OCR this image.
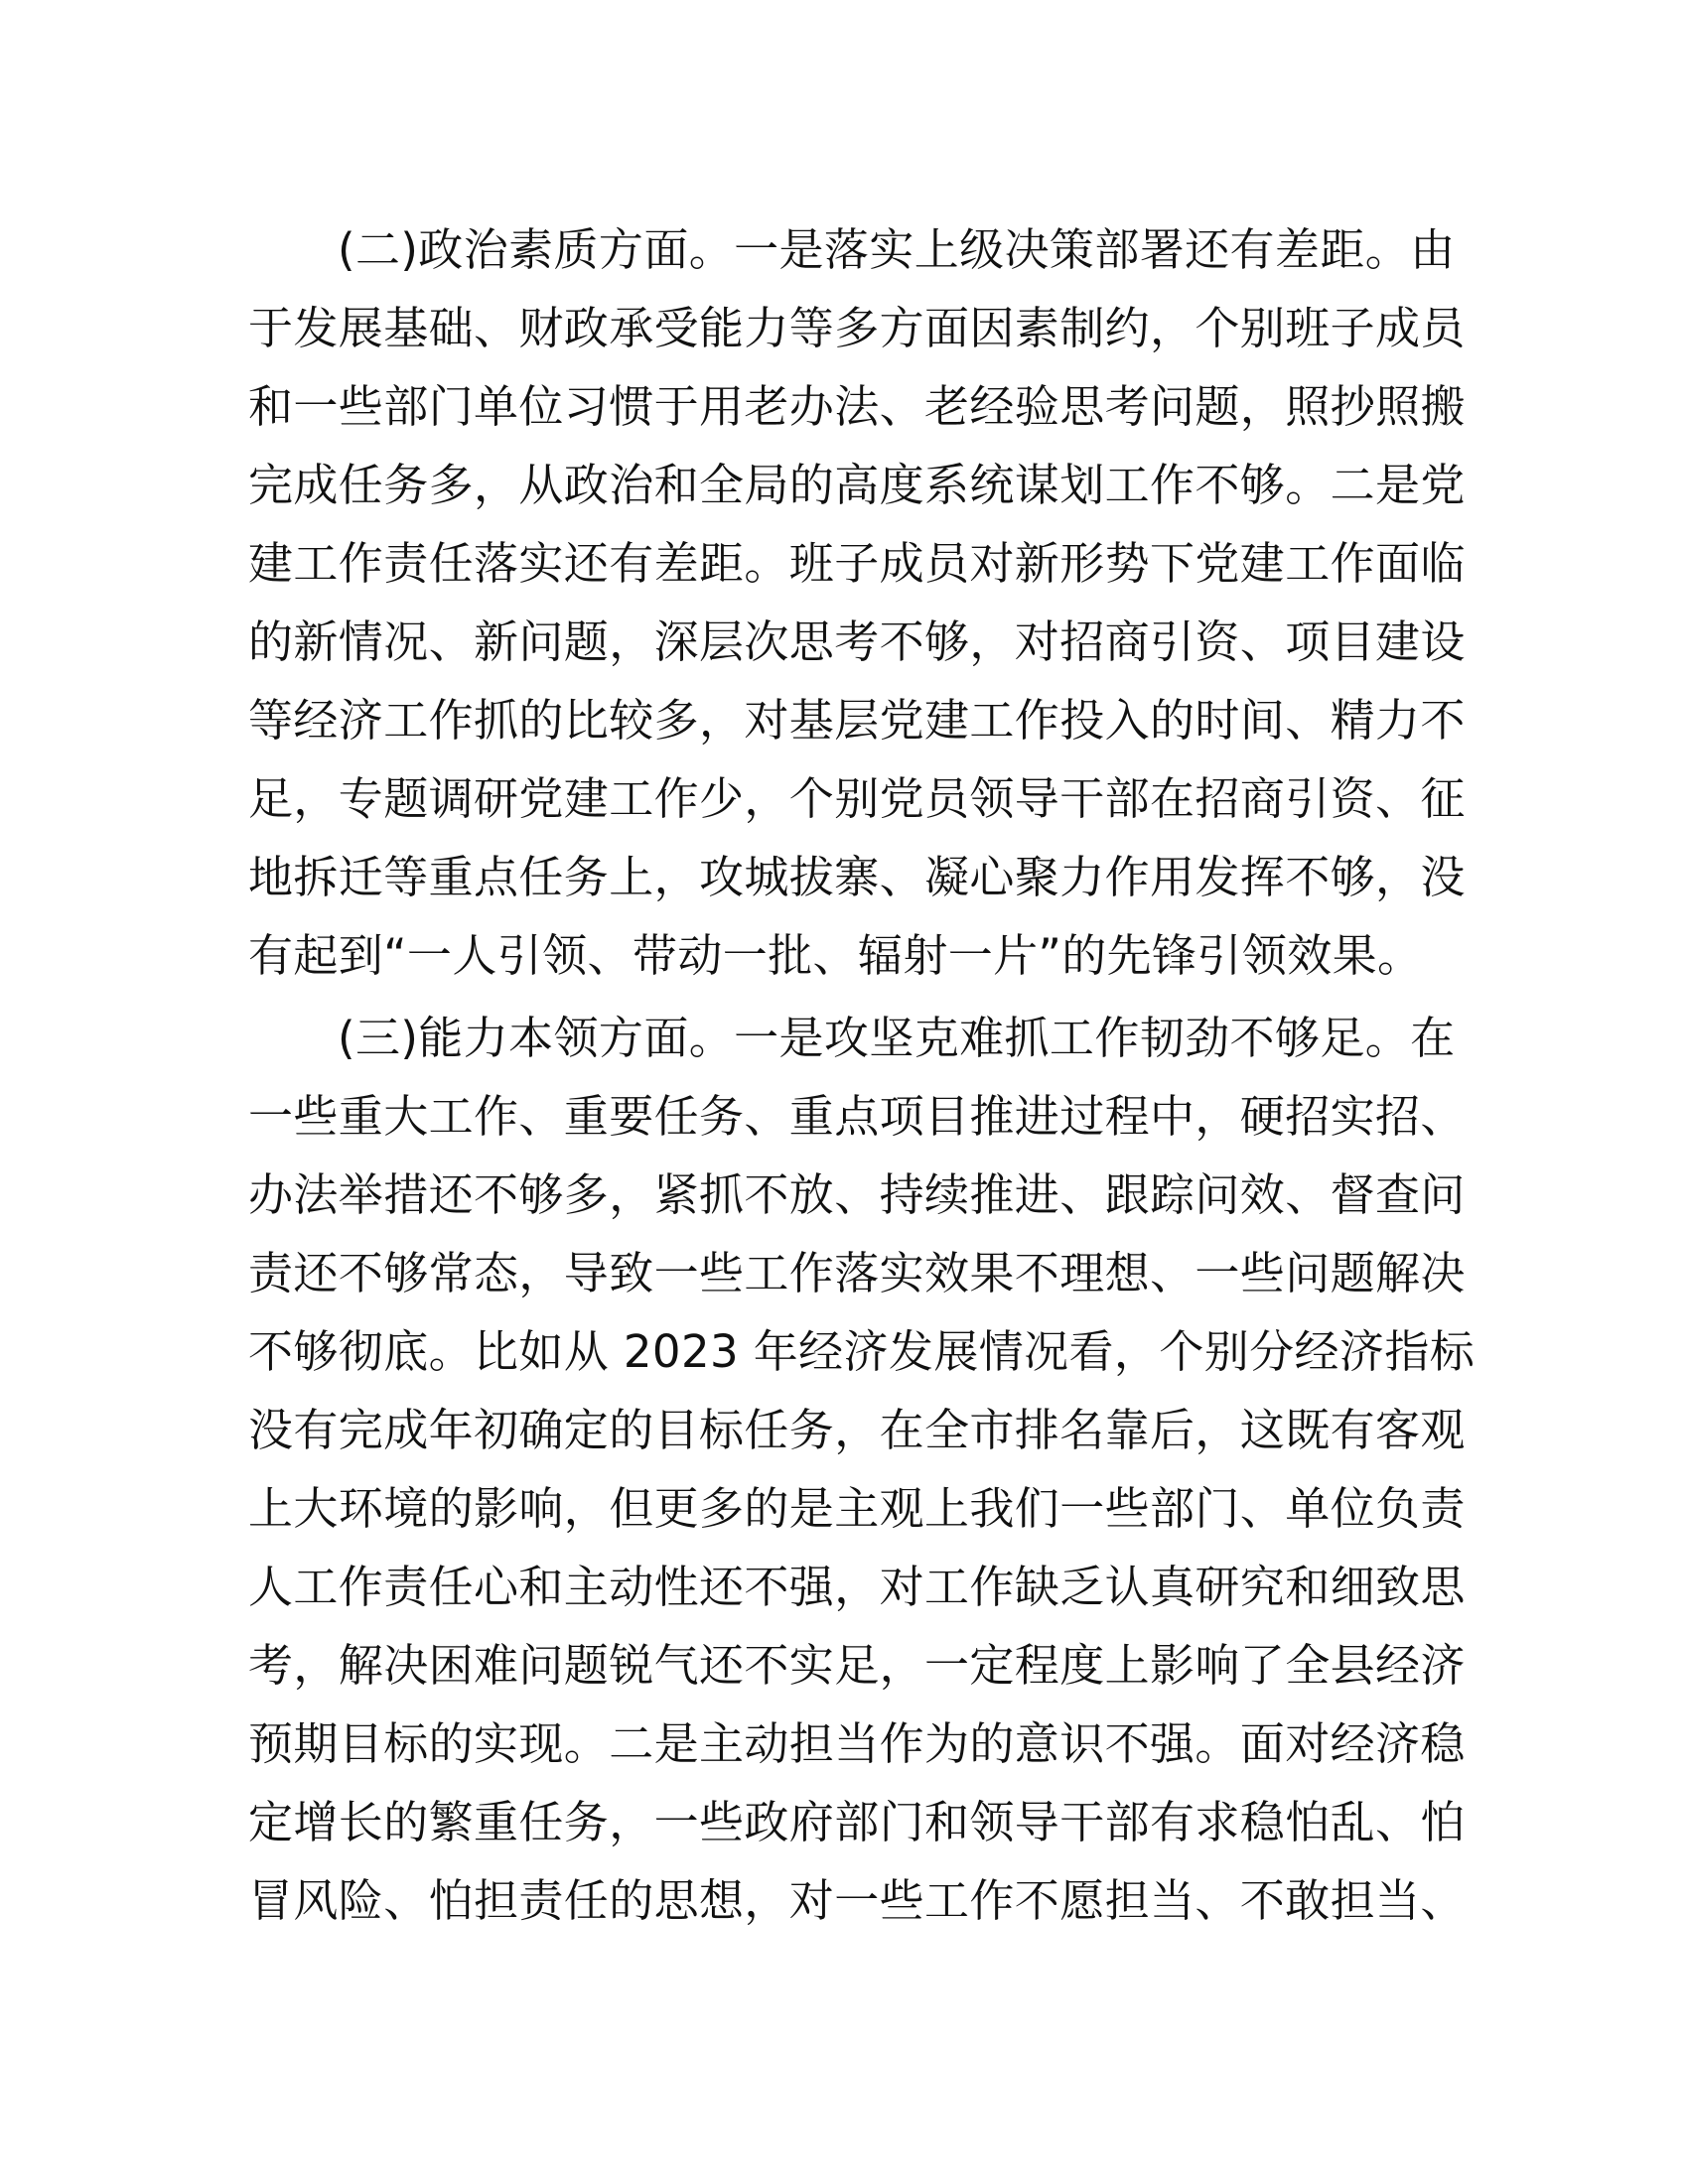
(二)政治素质方面。一是落实上级决策部署还有差距。由
于发展基础、财政承受能力等多方面因素制约，个别班子成员
和一些部门单位习惯于用老办法、老经验思考问题，照抄照搬
完成任务多，从政治和全局的高度系统谋划工作不够。二是党
建工作责任落实还有差距。班子成员对新形势下党建工作面临
的新情况、新问题，深层次思考不够，对招商引资、项目建设
等经济工作抓的比较多，对基层党建工作投入的时间、精力不
足，专题调研党建工作少，个别党员领导干部在招商引资、征
地拆迁等重点任务上，攻城拔寨、凝心聚力作用发挥不够，没
有起到“一人引领、带动一批、辐射一片”的先锋引领效果。
(三)能力本领方面。一是攻坚克难抓工作韧劲不够足。在
一些重大工作、重要任务、重点项目推进过程中，硬招实招、
办法举措还不够多，紧抓不放、持续推进、跟踪问效、督查问
责还不够常态，导致一些工作落实效果不理想、一些问题解决
不够彻底。比如从 2023 年经济发展情况看，个别分经济指标
没有完成年初确定的目标任务，在全市排名靠后，这既有客观
上大环境的影响，但更多的是主观上我们一些部门、单位负责
人工作责任心和主动性还不强，对工作缺乏认真研究和细致思
考，解决困难问题锐气还不实足，一定程度上影响了全县经济
预期目标的实现。二是主动担当作为的意识不强。面对经济稳
定增长的繁重任务，一些政府部门和领导干部有求稳怕乱、怕
冒风险、怕担责任的思想，对一些工作不愿担当、不敢担当、
